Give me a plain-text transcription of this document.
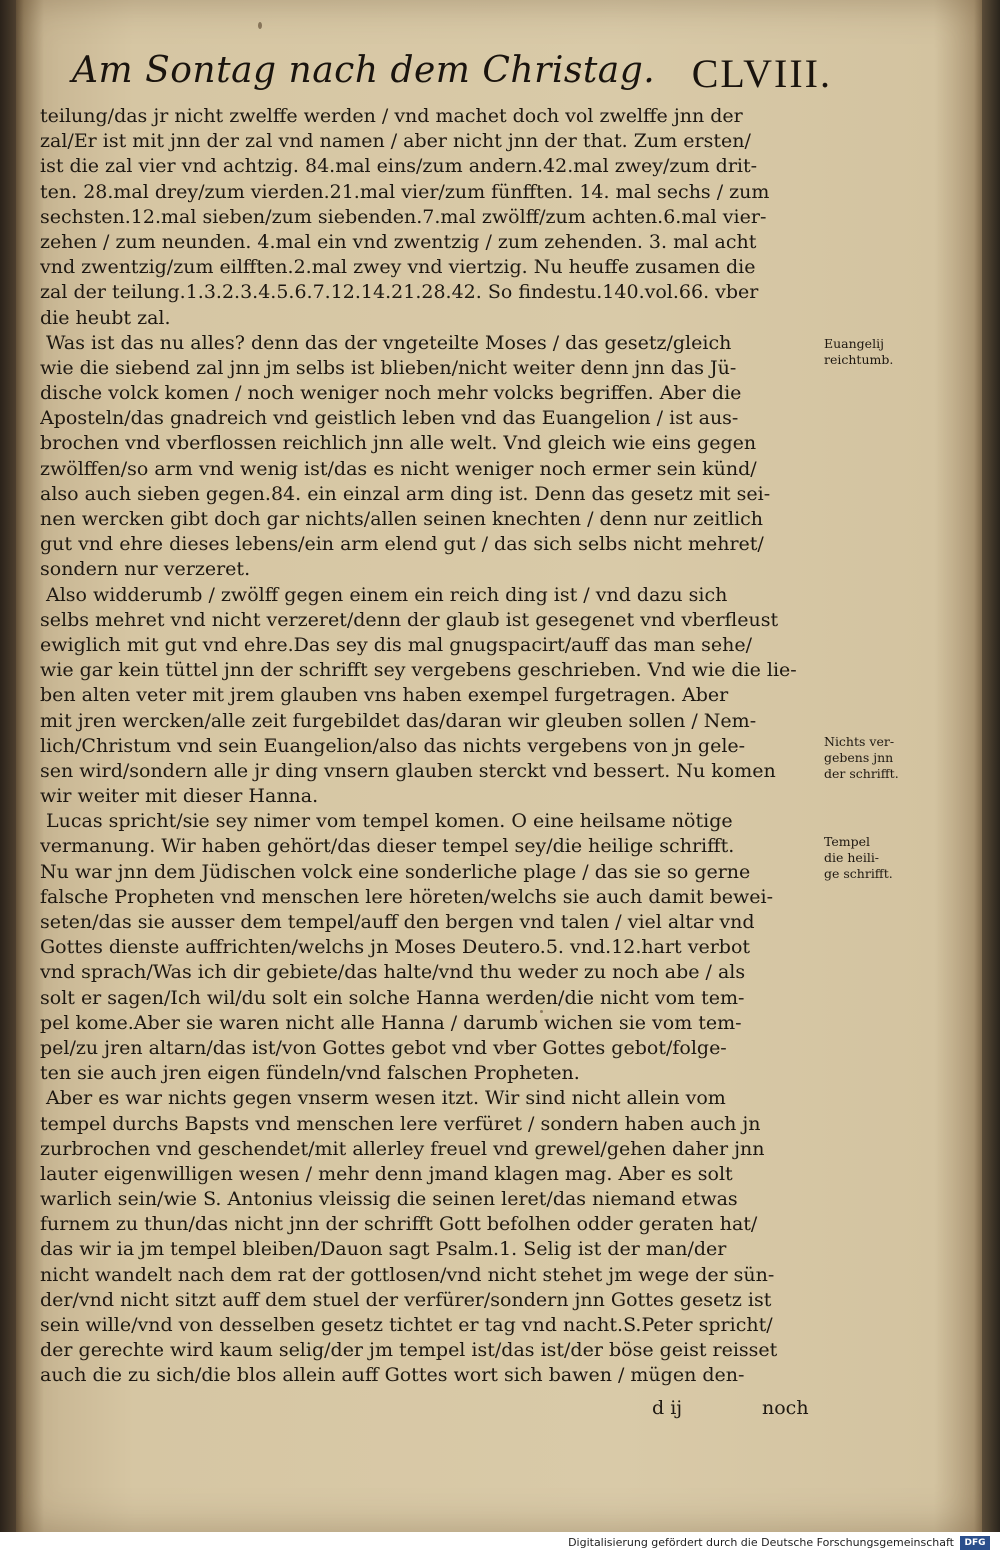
Am Sontag nach dem Christag. CLVIII.
teilung/das jr nicht zwelffe werden / vnd machet doch vol zwelffe jnn der
zal/Er ist mit jnn der zal vnd namen / aber nicht jnn der that. Zum ersten/
ist die zal vier vnd achtzig. 84.mal eins/zum andern.42.mal zwey/zum drit-
ten. 28.mal drey/zum vierden.21.mal vier/zum fünfften. 14. mal sechs / zum
sechsten.12.mal sieben/zum siebenden.7.mal zwölff/zum achten.6.mal vier-
zehen / zum neunden. 4.mal ein vnd zwentzig / zum zehenden. 3. mal acht
vnd zwentzig/zum eilfften.2.mal zwey vnd viertzig. Nu heuffe zusamen die
zal der teilung.1.3.2.3.4.5.6.7.12.14.21.28.42. So findestu.140.vol.66. vber
die heubt zal.
Was ist das nu alles? denn das der vngeteilte Moses / das gesetz/gleich
wie die siebend zal jnn jm selbs ist blieben/nicht weiter denn jnn das Jü-
dische volck komen / noch weniger noch mehr volcks begriffen. Aber die
Aposteln/das gnadreich vnd geistlich leben vnd das Euangelion / ist aus-
brochen vnd vberflossen reichlich jnn alle welt. Vnd gleich wie eins gegen
zwölffen/so arm vnd wenig ist/das es nicht weniger noch ermer sein künd/
also auch sieben gegen.84. ein einzal arm ding ist. Denn das gesetz mit sei-
nen wercken gibt doch gar nichts/allen seinen knechten / denn nur zeitlich
gut vnd ehre dieses lebens/ein arm elend gut / das sich selbs nicht mehret/
sondern nur verzeret.
Also widderumb / zwölff gegen einem ein reich ding ist / vnd dazu sich
selbs mehret vnd nicht verzeret/denn der glaub ist gesegenet vnd vberfleust
ewiglich mit gut vnd ehre.Das sey dis mal gnugspacirt/auff das man sehe/
wie gar kein tüttel jnn der schrifft sey vergebens geschrieben. Vnd wie die lie-
ben alten veter mit jrem glauben vns haben exempel furgetragen. Aber
mit jren wercken/alle zeit furgebildet das/daran wir gleuben sollen / Nem-
lich/Christum vnd sein Euangelion/also das nichts vergebens von jn gele-
sen wird/sondern alle jr ding vnsern glauben sterckt vnd bessert. Nu komen
wir weiter mit dieser Hanna.
Lucas spricht/sie sey nimer vom tempel komen. O eine heilsame nötige
vermanung. Wir haben gehört/das dieser tempel sey/die heilige schrifft.
Nu war jnn dem Jüdischen volck eine sonderliche plage / das sie so gerne
falsche Propheten vnd menschen lere höreten/welchs sie auch damit bewei-
seten/das sie ausser dem tempel/auff den bergen vnd talen / viel altar vnd
Gottes dienste auffrichten/welchs jn Moses Deutero.5. vnd.12.hart verbot
vnd sprach/Was ich dir gebiete/das halte/vnd thu weder zu noch abe / als
solt er sagen/Ich wil/du solt ein solche Hanna werden/die nicht vom tem-
pel kome.Aber sie waren nicht alle Hanna / darumb wichen sie vom tem-
pel/zu jren altarn/das ist/von Gottes gebot vnd vber Gottes gebot/folge-
ten sie auch jren eigen fündeln/vnd falschen Propheten.
Aber es war nichts gegen vnserm wesen itzt. Wir sind nicht allein vom
tempel durchs Bapsts vnd menschen lere verfüret / sondern haben auch jn
zurbrochen vnd geschendet/mit allerley freuel vnd grewel/gehen daher jnn
lauter eigenwilligen wesen / mehr denn jmand klagen mag. Aber es solt
warlich sein/wie S. Antonius vleissig die seinen leret/das niemand etwas
furnem zu thun/das nicht jnn der schrifft Gott befolhen odder geraten hat/
das wir ia jm tempel bleiben/Dauon sagt Psalm.1. Selig ist der man/der
nicht wandelt nach dem rat der gottlosen/vnd nicht stehet jm wege der sün-
der/vnd nicht sitzt auff dem stuel der verfürer/sondern jnn Gottes gesetz ist
sein wille/vnd von desselben gesetz tichtet er tag vnd nacht.S.Peter spricht/
der gerechte wird kaum selig/der jm tempel ist/das ist/der böse geist reisset
auch die zu sich/die blos allein auff Gottes wort sich bawen / mügen den-
Euangelij
reichtumb.
Nichts ver-
gebens jnn
der schrifft.
Tempel
die heili-
ge schrifft.
d ij	noch
Digitalisierung gefördert durch die Deutsche Forschungsgemeinschaft	DFG
